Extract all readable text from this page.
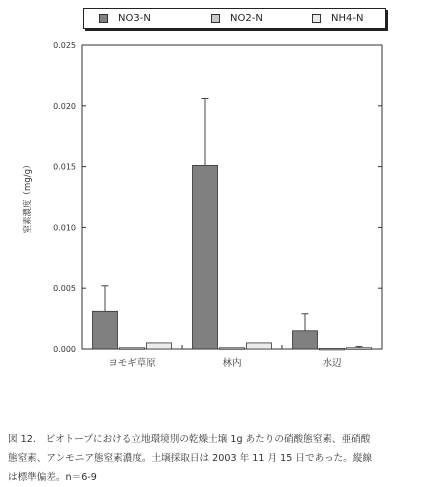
NO3-N	NO2-N	NH4-N
0.000
0.005
0.010
0.015
0.020
0.025
窒素濃度（mg/g）
ヨモギ草原	林内	水辺
図 12.　ビオトープにおける立地環境別の乾燥土壌 1g あたりの硝酸態窒素、亜硝酸
態窒素、アンモニア態窒素濃度。土壌採取日は 2003 年 11 月 15 日であった。縦線
は標準偏差。n＝6-9
